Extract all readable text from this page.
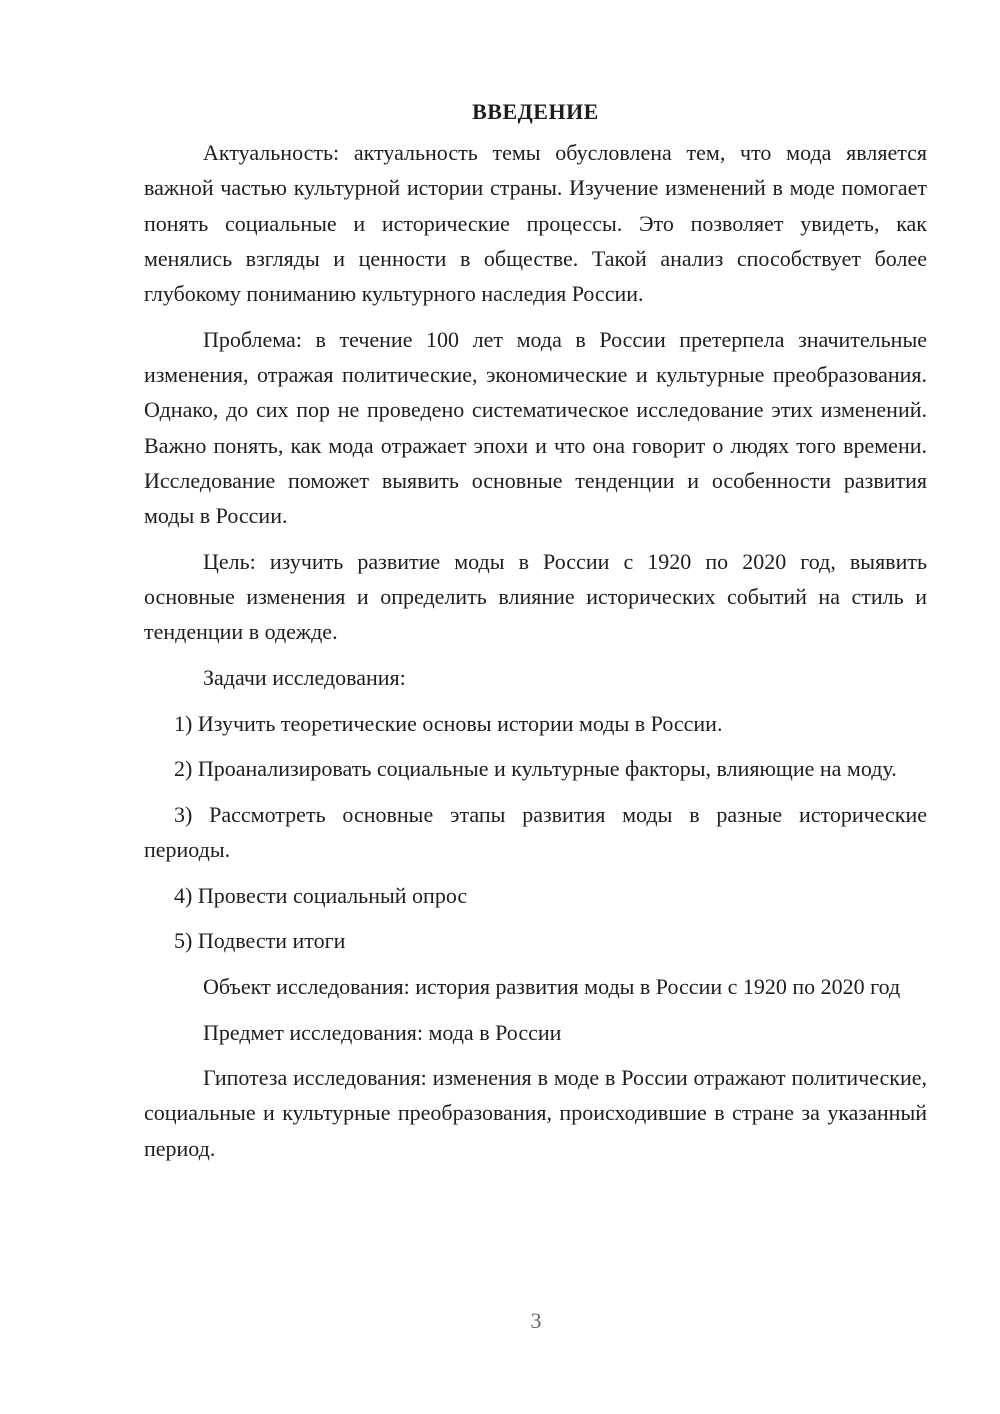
ВВЕДЕНИЕ

Актуальность: актуальность темы обусловлена тем, что мода является важной частью культурной истории страны. Изучение изменений в моде помогает понять социальные и исторические процессы. Это позволяет увидеть, как менялись взгляды и ценности в обществе. Такой анализ способствует более глубокому пониманию культурного наследия России.

Проблема: в течение 100 лет мода в России претерпела значительные изменения, отражая политические, экономические и культурные преобразования. Однако, до сих пор не проведено систематическое исследование этих изменений. Важно понять, как мода отражает эпохи и что она говорит о людях того времени. Исследование поможет выявить основные тенденции и особенности развития моды в России.

Цель: изучить развитие моды в России с 1920 по 2020 год, выявить основные изменения и определить влияние исторических событий на стиль и тенденции в одежде.

Задачи исследования:

1) Изучить теоретические основы истории моды в России.

2) Проанализировать социальные и культурные факторы, влияющие на моду.

3) Рассмотреть основные этапы развития моды в разные исторические периоды.

4) Провести социальный опрос

5) Подвести итоги

Объект исследования: история развития моды в России с 1920 по 2020 год

Предмет исследования: мода в России

Гипотеза исследования: изменения в моде в России отражают политические, социальные и культурные преобразования, происходившие в стране за указанный период.

3
